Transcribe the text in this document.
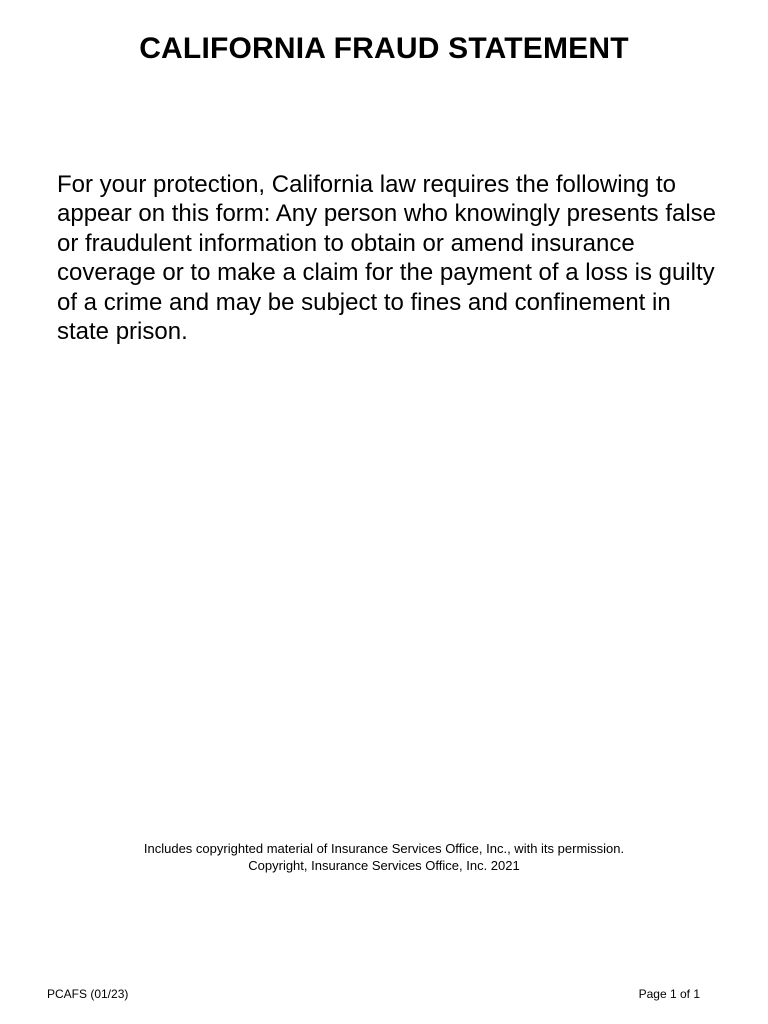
CALIFORNIA FRAUD STATEMENT

For your protection, California law requires the following to appear on this form: Any person who knowingly presents false or fraudulent information to obtain or amend insurance coverage or to make a claim for the payment of a loss is guilty of a crime and may be subject to fines and confinement in state prison.

Includes copyrighted material of Insurance Services Office, Inc., with its permission.
Copyright, Insurance Services Office, Inc. 2021
PCAFS (01/23)	Page 1 of 1
